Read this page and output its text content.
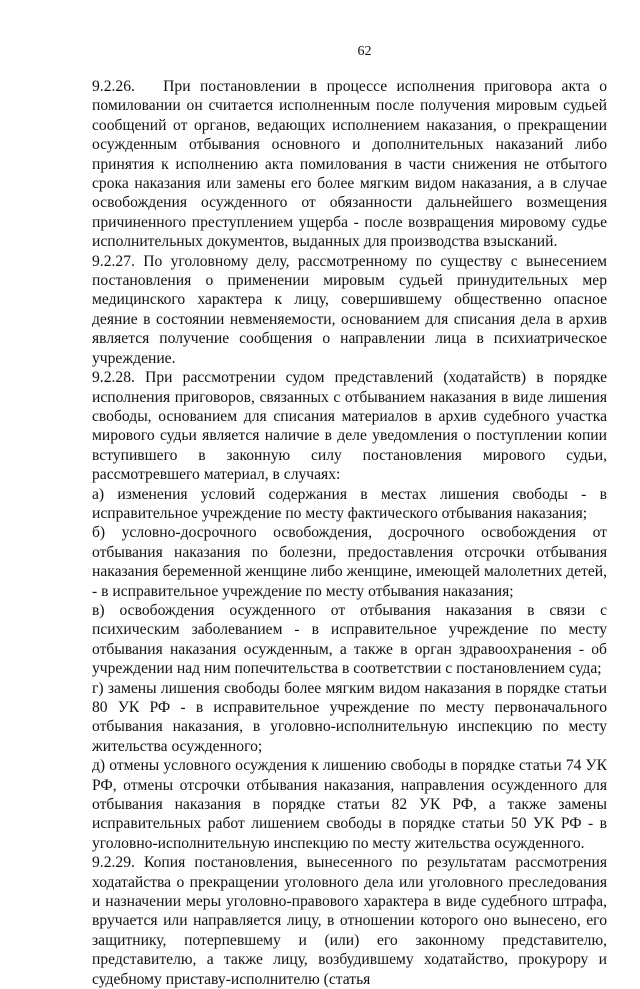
62

9.2.26.   При постановлении в процессе исполнения приговора акта о помиловании он считается исполненным после получения мировым судьей сообщений от органов, ведающих исполнением наказания, о прекращении осужденным отбывания основного и дополнительных наказаний либо принятия к исполнению акта помилования в части снижения не отбытого срока наказания или замены его более мягким видом наказания, а в случае освобождения осужденного от обязанности дальнейшего возмещения причиненного преступлением ущерба - после возвращения мировому судье исполнительных документов, выданных для производства взысканий.

9.2.27. По уголовному делу, рассмотренному по существу с вынесением постановления о применении мировым судьей принудительных мер медицинского характера к лицу, совершившему общественно опасное деяние в состоянии невменяемости, основанием для списания дела в архив является получение сообщения о направлении лица в психиатрическое учреждение.

9.2.28. При рассмотрении судом представлений (ходатайств) в порядке исполнения приговоров, связанных с отбыванием наказания в виде лишения свободы, основанием для списания материалов в архив судебного участка мирового судьи является наличие в деле уведомления о поступлении копии вступившего в законную силу постановления мирового судьи, рассмотревшего материал, в случаях:

а) изменения условий содержания в местах лишения свободы - в исправительное учреждение по месту фактического отбывания наказания;

б) условно-досрочного освобождения, досрочного освобождения от отбывания наказания по болезни, предоставления отсрочки отбывания наказания беременной женщине либо женщине, имеющей малолетних детей, - в исправительное учреждение по месту отбывания наказания;

в) освобождения осужденного от отбывания наказания в связи с психическим заболеванием - в исправительное учреждение по месту отбывания наказания осужденным, а также в орган здравоохранения - об учреждении над ним попечительства в соответствии с постановлением суда;

г) замены лишения свободы более мягким видом наказания в порядке статьи 80 УК РФ - в исправительное учреждение по месту первоначального отбывания наказания, в уголовно-исполнительную инспекцию по месту жительства осужденного;

д) отмены условного осуждения к лишению свободы в порядке статьи 74 УК РФ, отмены отсрочки отбывания наказания, направления осужденного для отбывания наказания в порядке статьи 82 УК РФ, а также замены исправительных работ лишением свободы в порядке статьи 50 УК РФ - в уголовно-исполнительную инспекцию по месту жительства осужденного.

9.2.29. Копия постановления, вынесенного по результатам рассмотрения ходатайства о прекращении уголовного дела или уголовного преследования и назначении меры уголовно-правового характера в виде судебного штрафа, вручается или направляется лицу, в отношении которого оно вынесено, его защитнику, потерпевшему и (или) его законному представителю, представителю, а также лицу, возбудившему ходатайство, прокурору и судебному приставу-исполнителю (статья
